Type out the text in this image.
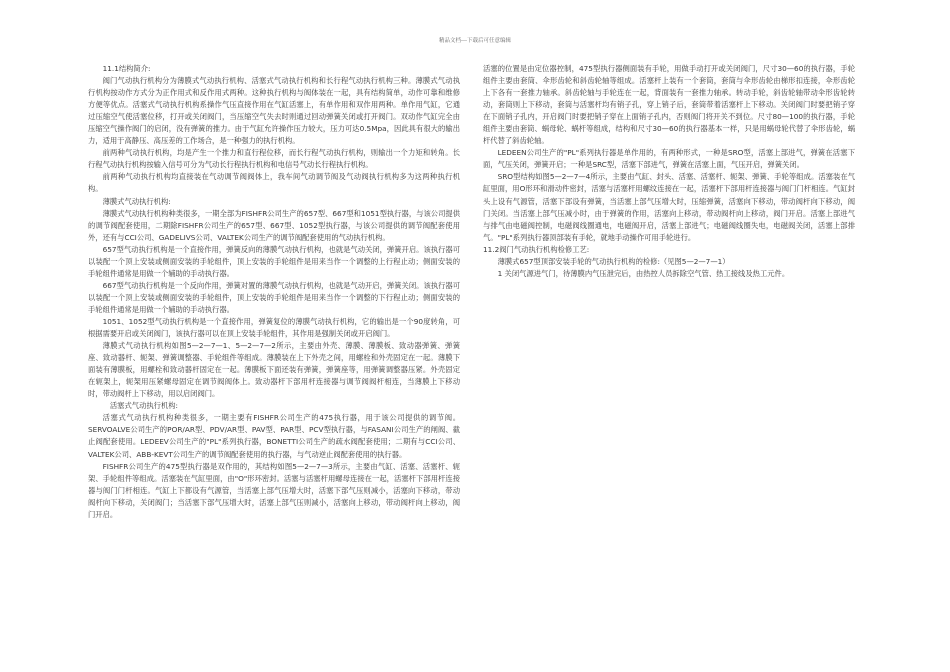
精品文档---下载后可任意编辑

11.1结构简介:

阀门气动执行机构分为薄膜式气动执行机构、活塞式气动执行机构和长行程气动执行机构三种。薄膜式气动执行机构按动作方式分为正作用式和反作用式两种。这种执行机构与阀体装在一起，具有结构简单，动作可靠和维修方便等优点。活塞式气动执行机构系操作气压直接作用在气缸活塞上，有单作用和双作用两种。单作用气缸，它通过压缩空气使活塞位移，打开或关闭阀门，当压缩空气失去时则通过回动弹簧关闭或打开阀门。双动作气缸完全由压缩空气操作阀门的启闭，没有弹簧的推力。由于气缸允许操作压力较大，压力可达0.5Mpa，因此具有很大的输出力，适用于高静压、高压差的工作场合，是一种强力的执行机构。

前两种气动执行机构，均是产生一个推力和直行程位移，而长行程气动执行机构，则输出一个力矩和转角。长行程气动执行机构按输入信号可分为气动长行程执行机构和电信号气动长行程执行机构。

前两种气动执行机构均直接装在气动调节阀阀体上，我车间气动调节阀及气动阀执行机构多为这两种执行机构。

薄膜式气动执行机构:

薄膜式气动执行机构种类很多，一期全部为FISHFR公司生产的657型、667型和1051型执行器，与该公司提供的调节阀配套使用，二期除FISHFR公司生产的657型、667型、1052型执行器，与该公司提供的调节阀配套使用外，还有与CCI公司、GADELIVS公司、VALTEK公司生产的调节阀配套使用的气动执行机构。

657型气动执行机构是一个直接作用，弹簧反向的薄膜气动执行机构，也就是气动关闭，弹簧开启。该执行器可以装配一个顶上安装或侧面安装的手轮组件，顶上安装的手轮组件是用来当作一个调整的上行程止动；侧面安装的手轮组件通常是用做一个辅助的手动执行器。

667型气动执行机构是一个反向作用，弹簧对置的薄膜气动执行机构，也就是气动开启，弹簧关闭。该执行器可以装配一个顶上安装或侧面安装的手轮组件，顶上安装的手轮组件是用来当作一个调整的下行程止动；侧面安装的手轮组件通常是用做一个辅助的手动执行器。

1051、1052型气动执行机构是一个直接作用，弹簧复位的薄膜气动执行机构，它的输出是一个90度转角，可根据需要开启或关闭阀门，该执行器可以在顶上安装手轮组件，其作用是强制关闭或开启阀门。

薄膜式气动执行机构如图5—2—7—1、5—2—7—2所示，主要由外壳、薄膜、薄膜板、致动器弹簧、弹簧座、致动器杆、轭架、弹簧调整器、手轮组件等组成。薄膜装在上下外壳之间，用螺栓和外壳固定在一起。薄膜下面装有薄膜板，用螺栓和致动器杆固定在一起。薄膜板下面还装有弹簧，弹簧座等，用弹簧调整器压紧。外壳固定在轭架上，轭架用压紧螺母固定在调节阀阀体上。致动器杆下部用杆连接器与调节阀阀杆相连，当薄膜上下移动时，带动阀杆上下移动，用以启闭阀门。

活塞式气动执行机构:

活塞式气动执行机构种类很多，一期主要有FISHFR公司生产的475执行器，用于该公司提供的调节阀。SERVOALVE公司生产的POR/AR型、PDV/AR型、PAV型、PAR型、PCV型执行器，与FASANI公司生产的闸阀、截止阀配套使用。LEDEEV公司生产的"PL"系列执行器，BONETTI公司生产的疏水阀配套使用；二期有与CCI公司、VALTEK公司、ABB-KEVT公司生产的调节阀配套使用的执行器，与气动逆止阀配套使用的执行器。

FISHFR公司生产的475型执行器是双作用的，其结构如图5—2—7—3所示，主要由气缸、活塞、活塞杆、轭架、手轮组件等组成。活塞装在气缸里面，由"O"形环密封。活塞与活塞杆用螺母连接在一起，活塞杆下部用杆连接器与阀门门杆相连。气缸上下都设有气源管，当活塞上部气压增大时，活塞下部气压则减小，活塞向下移动，带动阀杆向下移动，关闭阀门；当活塞下部气压增大时，活塞上部气压则减小，活塞向上移动，带动阀杆向上移动，阀门开启。

活塞的位置是由定位器控制，475型执行器侧面装有手轮，用做手动打开或关闭阀门，尺寸30—60的执行器，手轮组件主要由套筒、伞形齿轮和斜齿轮轴等组成。活塞杆上装有一个套筒，套筒与伞形齿轮由梯形扣连接，伞形齿轮上下各有一套推力轴承。斜齿轮轴与手轮连在一起，背面装有一套推力轴承。转动手轮，斜齿轮轴带动伞形齿轮转动，套筒则上下移动，套筒与活塞杆均有销子孔，穿上销子后，套筒带着活塞杆上下移动。关闭阀门时要把销子穿在下面销子孔内，开启阀门时要把销子穿在上面销子孔内，否则阀门将开关不到位。尺寸80—100的执行器，手轮组件主要由套筒、蜗母轮、蜗杆等组成，结构和尺寸30—60的执行器基本一样，只是用蜗母轮代替了伞形齿轮，蜗杆代替了斜齿轮轴。

LEDEEN公司生产的"PL"系列执行器是单作用的，有两种形式，一种是SRO型，活塞上部进气，弹簧在活塞下面，气压关闭，弹簧开启；一种是SRC型，活塞下部进气，弹簧在活塞上面，气压开启，弹簧关闭。

SRO型结构如图5—2—7—4所示，主要由气缸、封头、活塞、活塞杆、轭架、弹簧、手轮等组成。活塞装在气缸里面，用O形环和滑动件密封，活塞与活塞杆用螺纹连接在一起，活塞杆下部用杆连接器与阀门门杆相连。气缸封头上设有气源管，活塞下部设有弹簧，当活塞上部气压增大时，压缩弹簧，活塞向下移动，带动阀杆向下移动，阀门关闭。当活塞上部气压减小时，由于弹簧的作用，活塞向上移动，带动阀杆向上移动，阀门开启。活塞上部进气与排气由电磁阀控制，电磁阀线圈通电，电磁阀开启，活塞上部进气；电磁阀线圈失电，电磁阀关闭，活塞上部排气。"PL"系列执行器顶部装有手轮，就地手动操作可用手轮进行。

11.2阀门气动执行机构检修工艺:

薄膜式657型顶部安装手轮的气动执行机构的检修:（见图5—2—7—1）

1 关闭气源进气门，待薄膜内气压泄完后，由热控人员拆除空气管、热工接线及热工元件。
